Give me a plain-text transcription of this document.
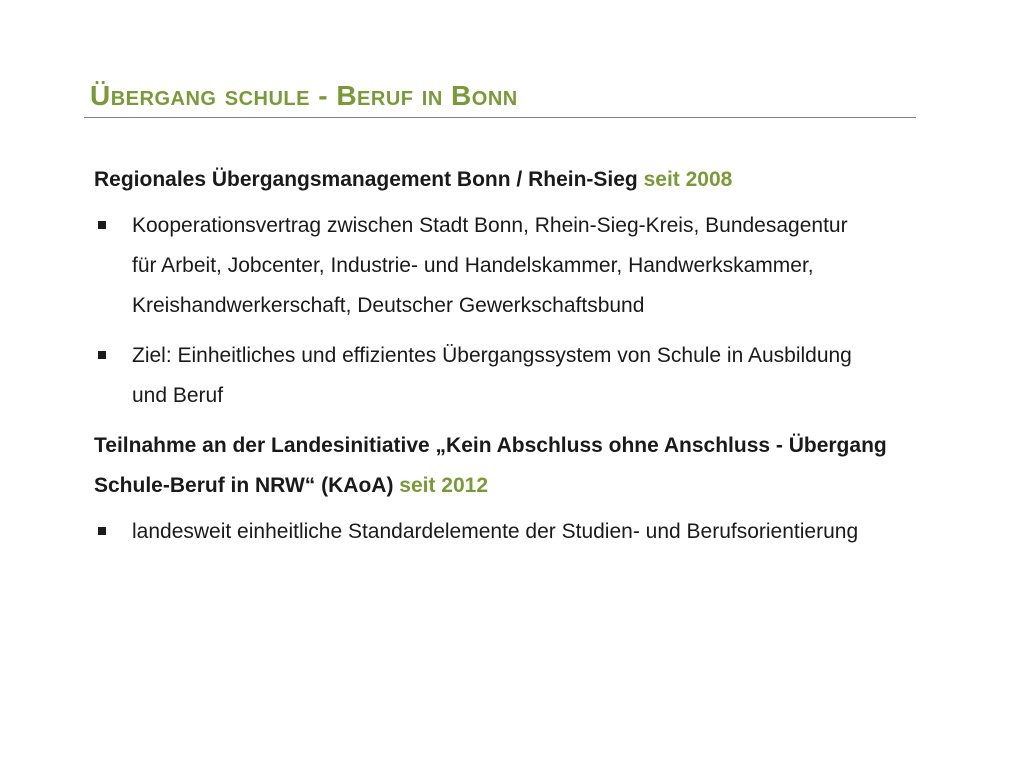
Übergang schule - Beruf in Bonn

Regionales Übergangsmanagement Bonn / Rhein-Sieg seit 2008

Kooperationsvertrag zwischen Stadt Bonn, Rhein-Sieg-Kreis, Bundesagentur für Arbeit, Jobcenter, Industrie- und Handelskammer, Handwerkskammer, Kreishandwerkerschaft, Deutscher Gewerkschaftsbund
Ziel: Einheitliches und effizientes Übergangssystem von Schule in Ausbildung und Beruf

Teilnahme an der Landesinitiative „Kein Abschluss ohne Anschluss - Übergang Schule-Beruf in NRW“ (KAoA) seit 2012

landesweit einheitliche Standardelemente der Studien- und Berufsorientierung
